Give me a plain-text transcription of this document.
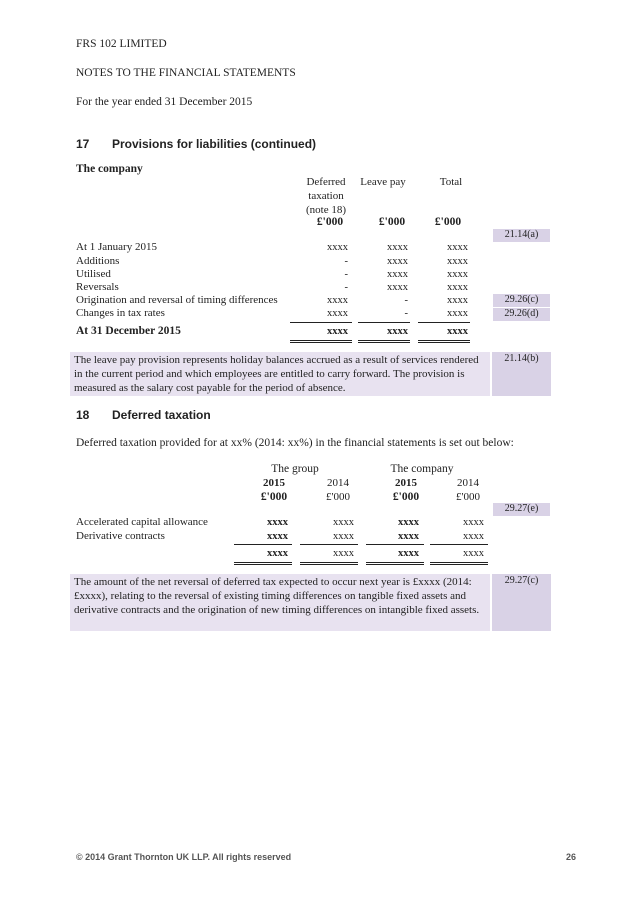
FRS 102 LIMITED
NOTES TO THE FINANCIAL STATEMENTS
For the year ended 31 December 2015
17 Provisions for liabilities (continued)
The company
Deferred
taxation
(note 18)
Leave pay	Total
£'000	£'000	£'000
21.14(a)
At 1 January 2015	xxxx	xxxx	xxxx
Additions	-	xxxx	xxxx
Utilised	-	xxxx	xxxx
Reversals	-	xxxx	xxxx
Origination and reversal of timing differences	xxxx	-	xxxx	29.26(c)
Changes in tax rates	xxxx	-	xxxx	29.26(d)
At 31 December 2015	xxxx	xxxx	xxxx
The leave pay provision represents holiday balances accrued as a result of services rendered in the current period and which employees are entitled to carry forward. The provision is measured as the salary cost payable for the period of absence.
21.14(b)
18 Deferred taxation
Deferred taxation provided for at xx% (2014: xx%) in the financial statements is set out below:
The group	The company
2015	2014	2015	2014
£'000	£'000	£'000	£'000
29.27(e)
Accelerated capital allowance	xxxx	xxxx	xxxx	xxxx
Derivative contracts	xxxx	xxxx	xxxx	xxxx
xxxx	xxxx	xxxx	xxxx
The amount of the net reversal of deferred tax expected to occur next year is £xxxx (2014: £xxxx), relating to the reversal of existing timing differences on tangible fixed assets and derivative contracts and the origination of new timing differences on intangible fixed assets.
29.27(c)
© 2014 Grant Thornton UK LLP. All rights reserved	26
